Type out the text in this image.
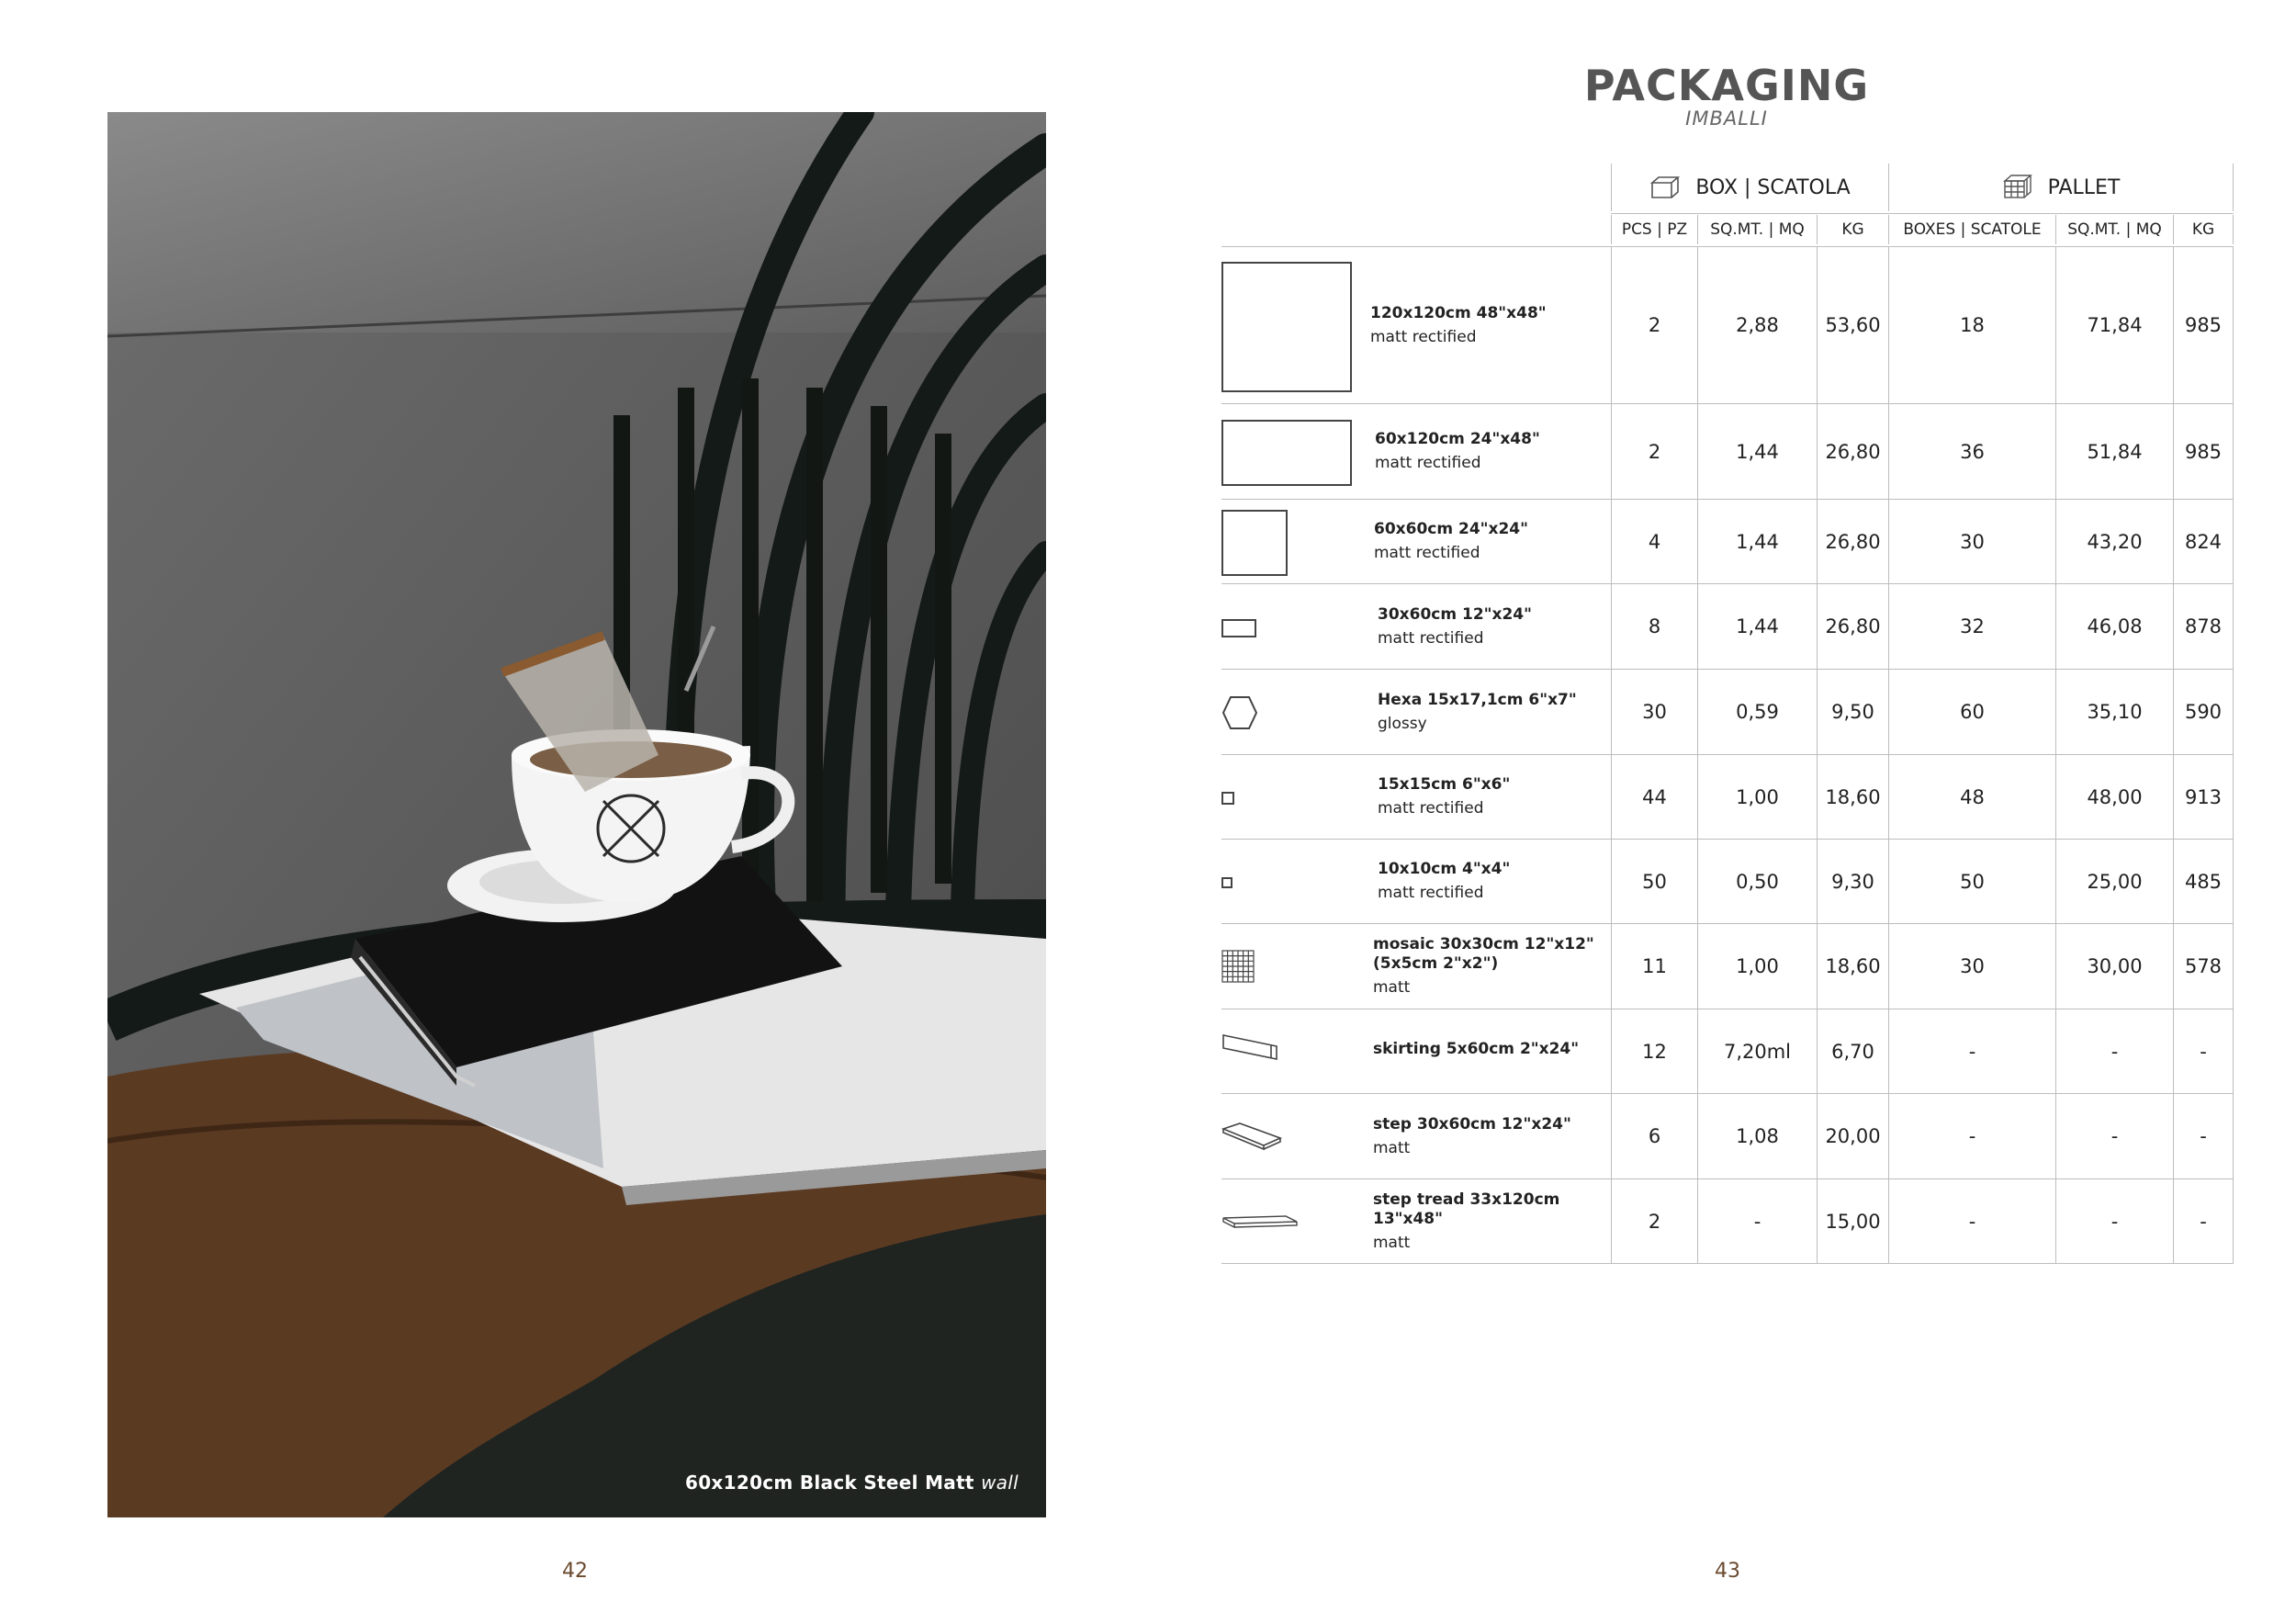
60x120cm Black Steel Matt wall
42
PACKAGING
IMBALLI
BOX | SCATOLA	PALLET
PCS | PZ	SQ.MT. | MQ	KG	BOXES | SCATOLE	SQ.MT. | MQ	KG
120x120cm 48"x48"
matt rectified
2	2,88	53,60	18	71,84	985
60x120cm 24"x48"
matt rectified
2	1,44	26,80	36	51,84	985
60x60cm 24"x24"
matt rectified
4	1,44	26,80	30	43,20	824
30x60cm 12"x24"
matt rectified
8	1,44	26,80	32	46,08	878
Hexa 15x17,1cm 6"x7"
glossy
30	0,59	9,50	60	35,10	590
15x15cm 6"x6"
matt rectified
44	1,00	18,60	48	48,00	913
10x10cm 4"x4"
matt rectified
50	0,50	9,30	50	25,00	485
mosaic 30x30cm 12"x12" (5x5cm 2"x2")
matt
11	1,00	18,60	30	30,00	578
skirting 5x60cm 2"x24"	12	7,20ml	6,70	-	-	-
step 30x60cm 12"x24"
matt
6	1,08	20,00	-	-	-
step tread 33x120cm 13"x48"
matt
2	-	15,00	-	-	-
43
